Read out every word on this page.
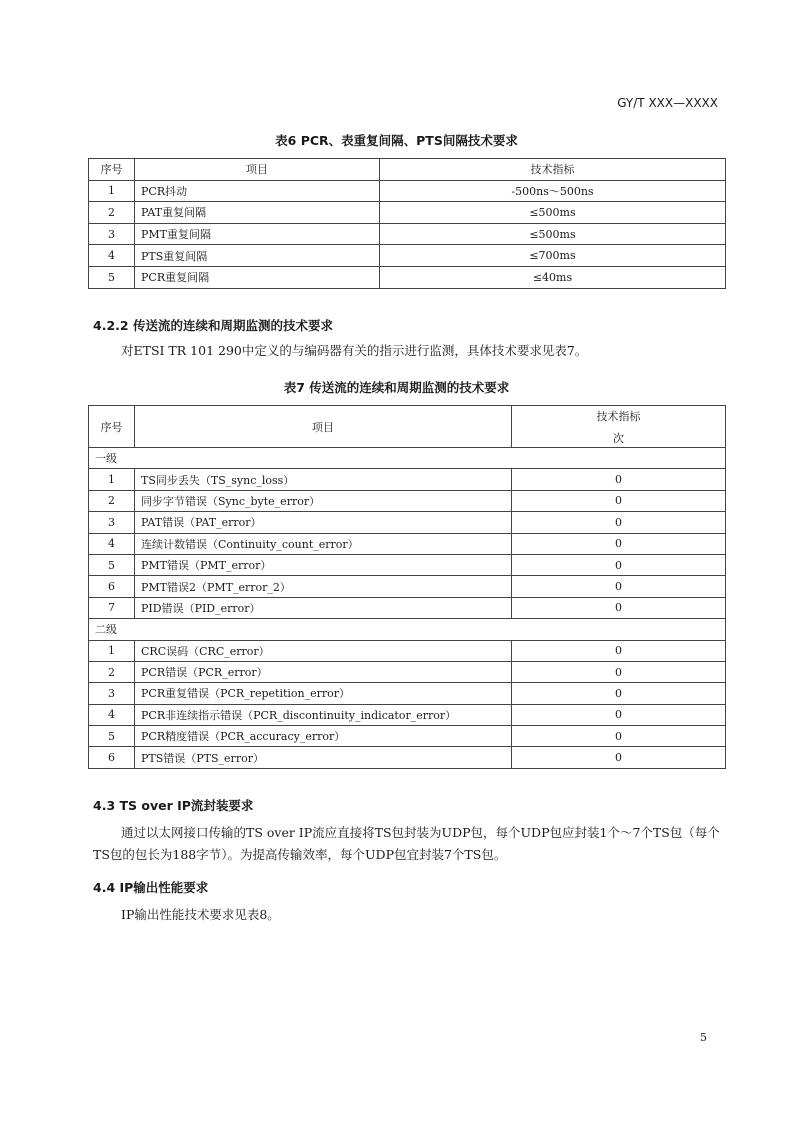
GY/T XXX—XXXX
表6 PCR、表重复间隔、PTS间隔技术要求
序号	项目	技术指标
1	PCR抖动	-500ns～500ns
2	PAT重复间隔	≤500ms
3	PMT重复间隔	≤500ms
4	PTS重复间隔	≤700ms
5	PCR重复间隔	≤40ms
4.2.2 传送流的连续和周期监测的技术要求
对ETSI TR 101 290中定义的与编码器有关的指示进行监测，具体技术要求见表7。
表7 传送流的连续和周期监测的技术要求
序号	项目	技术指标
次

一级		
1	TS同步丢失（TS_sync_loss）	0
2	同步字节错误（Sync_byte_error）	0
3	PAT错误（PAT_error）	0
4	连续计数错误（Continuity_count_error）	0
5	PMT错误（PMT_error）	0
6	PMT错误2（PMT_error_2）	0
7	PID错误（PID_error）	0
二级		
1	CRC误码（CRC_error）	0
2	PCR错误（PCR_error）	0
3	PCR重复错误（PCR_repetition_error）	0
4	PCR非连续指示错误（PCR_discontinuity_indicator_error）	0
5	PCR精度错误（PCR_accuracy_error）	0
6	PTS错误（PTS_error）	0
4.3 TS over IP流封装要求
通过以太网接口传输的TS over IP流应直接将TS包封装为UDP包，每个UDP包应封装1个～7个TS包（每个TS包的包长为188字节）。为提高传输效率，每个UDP包宜封装7个TS包。
4.4 IP输出性能要求
IP输出性能技术要求见表8。
5
